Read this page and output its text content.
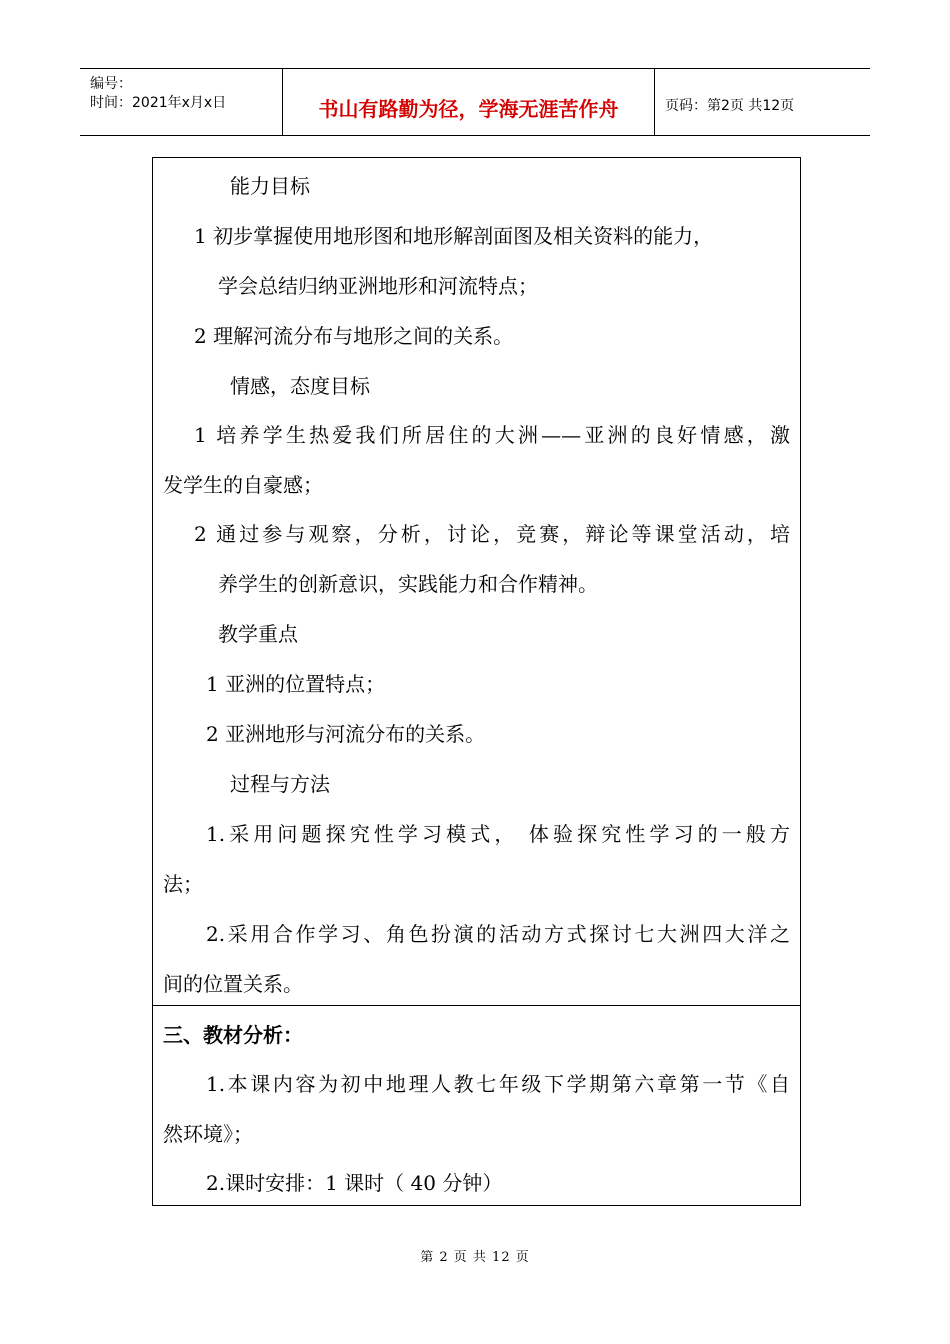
编号：
时间：2021年x月x日	书山有路勤为径，学海无涯苦作舟	页码：第2页 共12页
能力目标
1 初步掌握使用地形图和地形解剖面图及相关资料的能力，
学会总结归纳亚洲地形和河流特点；
2 理解河流分布与地形之间的关系。
情感，态度目标
1 培养学生热爱我们所居住的大洲——亚洲的良好情感，激
发学生的自豪感；
2 通过参与观察，分析，讨论，竞赛，辩论等课堂活动，培
养学生的创新意识，实践能力和合作精神。
教学重点
1 亚洲的位置特点；
2 亚洲地形与河流分布的关系。
过程与方法
1.采用问题探究性学习模式， 体验探究性学习的一般方
法；
2.采用合作学习、角色扮演的活动方式探讨七大洲四大洋之
间的位置关系。
三、教材分析：
1.本课内容为初中地理人教七年级下学期第六章第一节《自
然环境》；
2.课时安排：1 课时（ 40 分钟）
第 2 页 共 12 页
